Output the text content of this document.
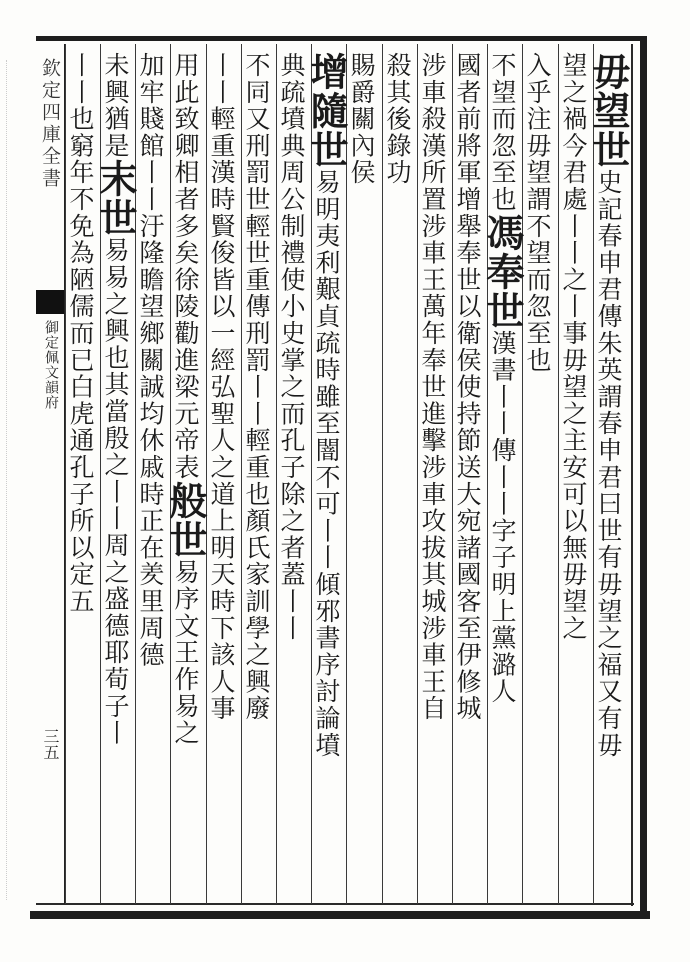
欽定四庫全書
御定佩文韻府
三五
毋望世史記春申君傳朱英謂春申君曰世有毋望之福又有毋
望之禍今君處丨丨之丨事毋望之主安可以無毋望之
入乎注毋望謂不望而忽至也
不望而忽至也馮奉世漢書丨丨傳丨丨字子明上黨潞人
國者前將軍增舉奉世以衛侯使持節送大宛諸國客至伊修城
涉車殺漢所置涉車王萬年奉世進擊涉車攻拔其城涉車王自
殺其後錄功
賜爵關內侯
增隨世易明夷利艱貞疏時雖至闇不可丨丨傾邪書序討論墳
典疏墳典周公制禮使小史掌之而孔子除之者蓋丨丨
不同又刑罰世輕世重傳刑罰丨丨輕重也顏氏家訓學之興廢
丨丨輕重漢時賢俊皆以一經弘聖人之道上明天時下該人事
用此致卿相者多矣徐陵勸進梁元帝表般世易序文王作易之
加牢賤館丨丨汙隆瞻望鄉關誠均休戚時正在羑里周德
未興猶是末世易易之興也其當殷之丨丨周之盛德耶荀子丨
丨丨也窮年不免為陋儒而已白虎通孔子所以定五
